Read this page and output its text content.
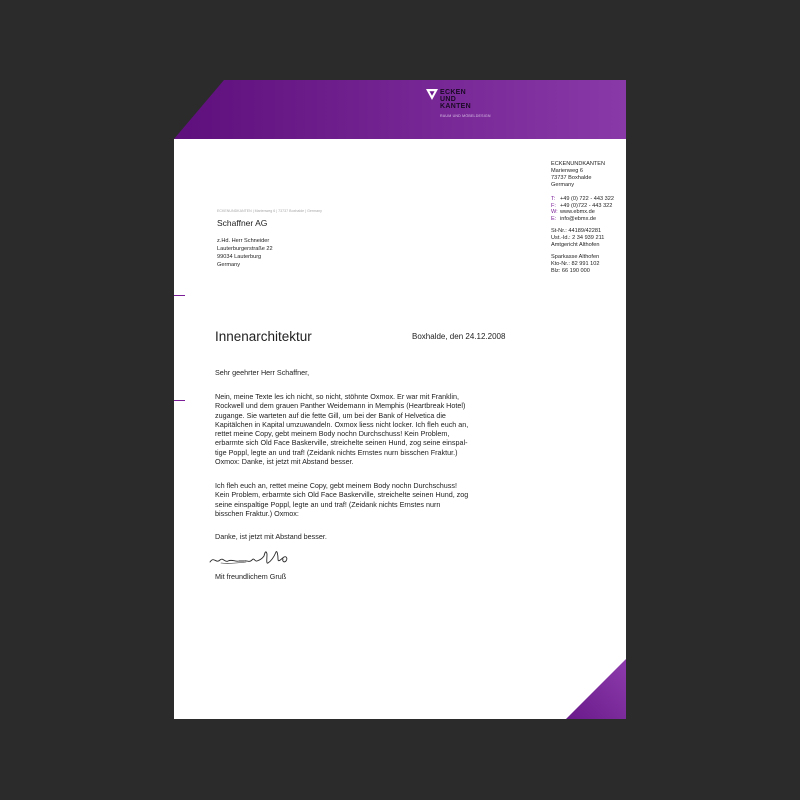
ECKEN
UND
KANTEN
RAUM UND MÖBELDESIGN
ECKENUNDKANTEN
Marienweg 6
73737 Boxhalde
Germany
T: +49 (0) 722 - 443 322
F: +49 (0)722 - 443 322
W: www.ebmx.de
E: info@ebmx.de
St-Nr.: 44189/42281
Ust.-Id.: 2 34 939 211
Amtgericht Althofen
Sparkasse Althofen
Kto-Nr.: 82 991 102
Blz: 66 190 000
ECKENUNDKANTEN | Marienweg 6 | 73737 Boxhalde | Germany
Schaffner AG
z.Hd. Herr Schneider
Lauterburgerstraße 22
99034 Lauterburg
Germany
Innenarchitektur	Boxhalde, den 24.12.2008
Sehr geehrter Herr Schaffner,
Nein, meine Texte les ich nicht, so nicht, stöhnte Oxmox. Er war mit Franklin,
Rockwell und dem grauen Panther Weidemann in Memphis (Heartbreak Hotel)
zugange. Sie warteten auf die fette Gill, um bei der Bank of Helvetica die
Kapitälchen in Kapital umzuwandeln. Oxmox liess nicht locker. Ich fleh euch an,
rettet meine Copy, gebt meinem Body nochn Durchschuss! Kein Problem,
erbarmte sich Old Face Baskerville, streichelte seinen Hund, zog seine einspal-
tige Poppl, legte an und traf! (Zeidank nichts Ernstes nurn bisschen Fraktur.)
Oxmox: Danke, ist jetzt mit Abstand besser.
Ich fleh euch an, rettet meine Copy, gebt meinem Body nochn Durchschuss!
Kein Problem, erbarmte sich Old Face Baskerville, streichelte seinen Hund, zog
seine einspaltige Poppl, legte an und traf! (Zeidank nichts Ernstes nurn
bisschen Fraktur.) Oxmox:
Danke, ist jetzt mit Abstand besser.
Mit freundlichem Gruß
